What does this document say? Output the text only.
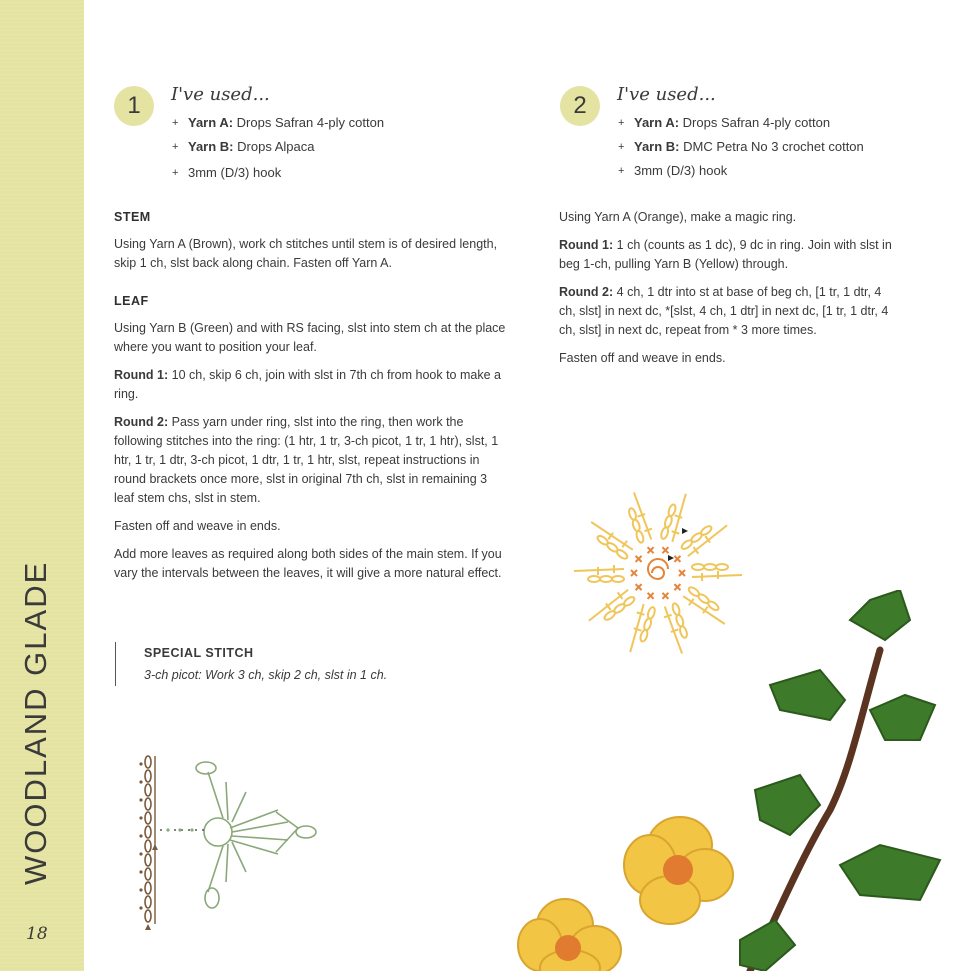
WOODLAND GLADE
18
1	I've used...
+ Yarn A: Drops Safran 4-ply cotton
+ Yarn B: Drops Alpaca
+ 3mm (D/3) hook
STEM

Using Yarn A (Brown), work ch stitches until stem is of desired length, skip 1 ch, slst back along chain. Fasten off Yarn A.

LEAF

Using Yarn B (Green) and with RS facing, slst into stem ch at the place where you want to position your leaf.

Round 1: 10 ch, skip 6 ch, join with slst in 7th ch from hook to make a ring.

Round 2: Pass yarn under ring, slst into the ring, then work the following stitches into the ring: (1 htr, 1 tr, 3-ch picot, 1 tr, 1 htr), slst, 1 htr, 1 tr, 1 dtr, 3-ch picot, 1 dtr, 1 tr, 1 htr, slst, repeat instructions in round brackets once more, slst in original 7th ch, slst in remaining 3 leaf stem chs, slst in stem.

Fasten off and weave in ends.

Add more leaves as required along both sides of the main stem. If you vary the intervals between the leaves, it will give a more natural effect.

SPECIAL STITCH

3-ch picot: Work 3 ch, skip 2 ch, slst in 1 ch.

2	I've used...
+ Yarn A: Drops Safran 4-ply cotton
+ Yarn B: DMC Petra No 3 crochet cotton
+ 3mm (D/3) hook

Using Yarn A (Orange), make a magic ring.

Round 1: 1 ch (counts as 1 dc), 9 dc in ring. Join with slst in beg 1-ch, pulling Yarn B (Yellow) through.

Round 2: 4 ch, 1 dtr into st at base of beg ch, [1 tr, 1 dtr, 4 ch, slst] in next dc, *[slst, 4 ch, 1 dtr] in next dc, [1 tr, 1 dtr, 4 ch, slst] in next dc, repeat from * 3 more times.

Fasten off and weave in ends.
